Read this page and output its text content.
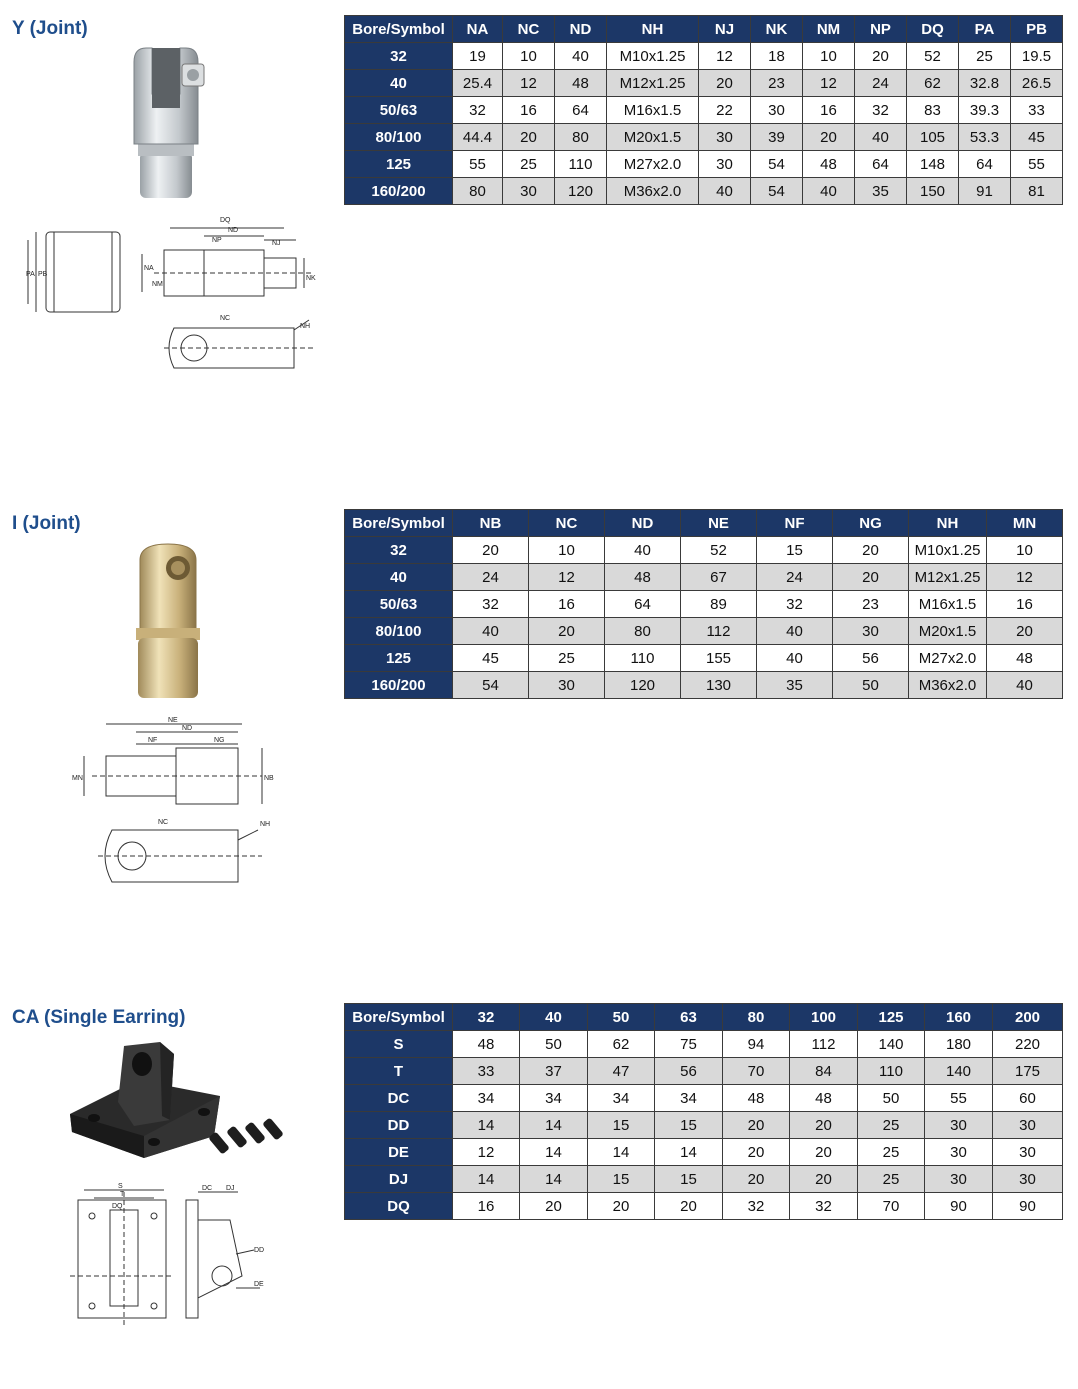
Y (Joint)
DQ
ND
NP	NJ
PA PB
NA
NM
NK
NC
NH
Bore/Symbol	NA	NC	ND	NH	NJ	NK	NM	NP	DQ	PA	PB
32	19	10	40	M10x1.25	12	18	10	20	52	25	19.5
40	25.4	12	48	M12x1.25	20	23	12	24	62	32.8	26.5
50/63	32	16	64	M16x1.5	22	30	16	32	83	39.3	33
80/100	44.4	20	80	M20x1.5	30	39	20	40	105	53.3	45
125	55	25	110	M27x2.0	30	54	48	64	148	64	55
160/200	80	30	120	M36x2.0	40	54	40	35	150	91	81
I (Joint)
NE
ND
NF	NG
MN	NB
NC	NH
Bore/Symbol	NB	NC	ND	NE	NF	NG	NH	MN
32	20	10	40	52	15	20	M10x1.25	10
40	24	12	48	67	24	20	M12x1.25	12
50/63	32	16	64	89	32	23	M16x1.5	16
80/100	40	20	80	112	40	30	M20x1.5	20
125	45	25	110	155	40	56	M27x2.0	48
160/200	54	30	120	130	35	50	M36x2.0	40
CA (Single Earring)
S
T
DQ
DC DJ
DD
DE
Bore/Symbol	32	40	50	63	80	100	125	160	200
S	48	50	62	75	94	112	140	180	220
T	33	37	47	56	70	84	110	140	175
DC	34	34	34	34	48	48	50	55	60
DD	14	14	15	15	20	20	25	30	30
DE	12	14	14	14	20	20	25	30	30
DJ	14	14	15	15	20	20	25	30	30
DQ	16	20	20	20	32	32	70	90	90
